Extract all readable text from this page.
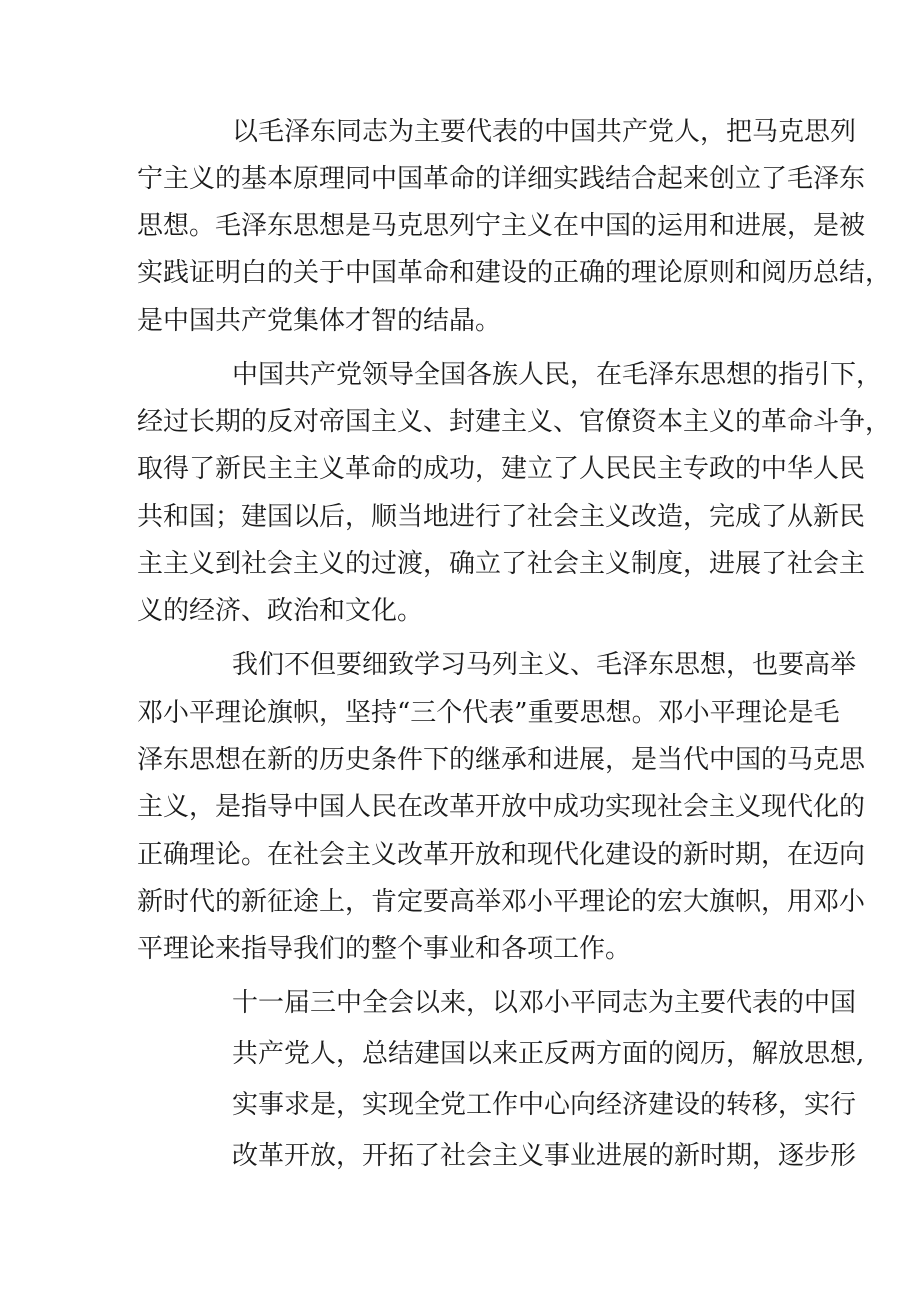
以毛泽东同志为主要代表的中国共产党人，把马克思列
宁主义的基本原理同中国革命的详细实践结合起来创立了毛泽东
思想。毛泽东思想是马克思列宁主义在中国的运用和进展，是被
实践证明白的关于中国革命和建设的正确的理论原则和阅历总结，
是中国共产党集体才智的结晶。
中国共产党领导全国各族人民，在毛泽东思想的指引下，
经过长期的反对帝国主义、封建主义、官僚资本主义的革命斗争，
取得了新民主主义革命的成功，建立了人民民主专政的中华人民
共和国；建国以后，顺当地进行了社会主义改造，完成了从新民
主主义到社会主义的过渡，确立了社会主义制度，进展了社会主
义的经济、政治和文化。
我们不但要细致学习马列主义、毛泽东思想，也要高举
邓小平理论旗帜，坚持“三个代表”重要思想。邓小平理论是毛
泽东思想在新的历史条件下的继承和进展，是当代中国的马克思
主义，是指导中国人民在改革开放中成功实现社会主义现代化的
正确理论。在社会主义改革开放和现代化建设的新时期，在迈向
新时代的新征途上，肯定要高举邓小平理论的宏大旗帜，用邓小
平理论来指导我们的整个事业和各项工作。
十一届三中全会以来，以邓小平同志为主要代表的中国
共产党人，总结建国以来正反两方面的阅历，解放思想,
实事求是，实现全党工作中心向经济建设的转移，实行
改革开放，开拓了社会主义事业进展的新时期，逐步形
